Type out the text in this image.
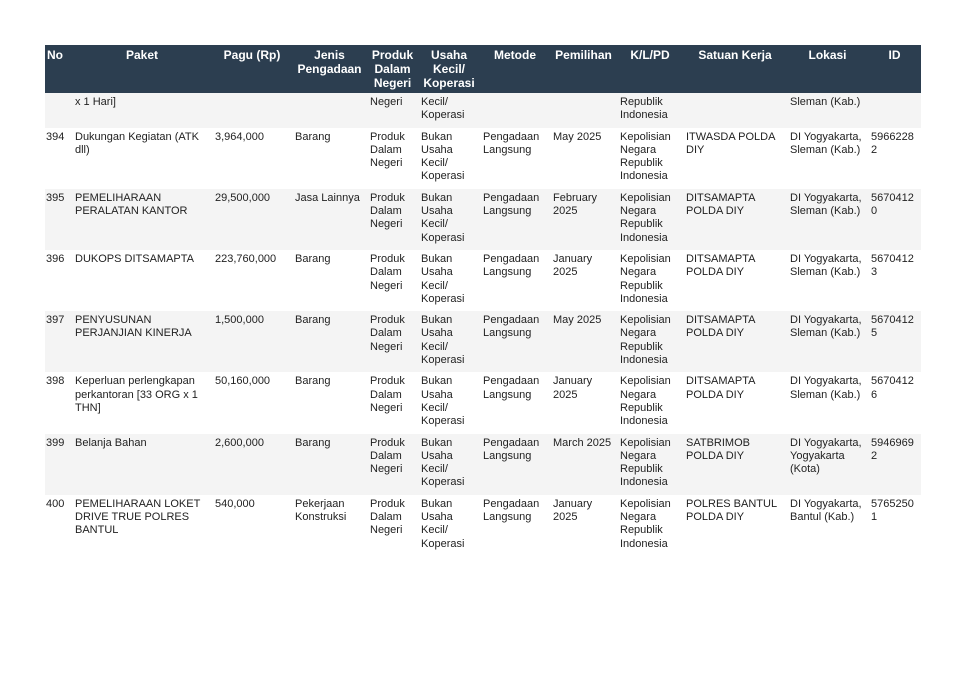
No	Paket	Pagu (Rp)	Jenis Pengadaan	Produk Dalam Negeri	Usaha Kecil/ Koperasi	Metode	Pemilihan	K/L/PD	Satuan Kerja	Lokasi	ID
	x 1 Hari]			Negeri	Kecil/ Koperasi			Republik Indonesia		Sleman (Kab.)	
394	Dukungan Kegiatan (ATK dll)	3,964,000	Barang	Produk Dalam Negeri	Bukan Usaha Kecil/ Koperasi	Pengadaan Langsung	May 2025	Kepolisian Negara Republik Indonesia	ITWASDA POLDA DIY	DI Yogyakarta, Sleman (Kab.)	59662282
395	PEMELIHARAAN PERALATAN KANTOR	29,500,000	Jasa Lainnya	Produk Dalam Negeri	Bukan Usaha Kecil/ Koperasi	Pengadaan Langsung	February 2025	Kepolisian Negara Republik Indonesia	DITSAMAPTA POLDA DIY	DI Yogyakarta, Sleman (Kab.)	56704120
396	DUKOPS DITSAMAPTA	223,760,000	Barang	Produk Dalam Negeri	Bukan Usaha Kecil/ Koperasi	Pengadaan Langsung	January 2025	Kepolisian Negara Republik Indonesia	DITSAMAPTA POLDA DIY	DI Yogyakarta, Sleman (Kab.)	56704123
397	PENYUSUNAN PERJANJIAN KINERJA	1,500,000	Barang	Produk Dalam Negeri	Bukan Usaha Kecil/ Koperasi	Pengadaan Langsung	May 2025	Kepolisian Negara Republik Indonesia	DITSAMAPTA POLDA DIY	DI Yogyakarta, Sleman (Kab.)	56704125
398	Keperluan perlengkapan perkantoran [33 ORG x 1 THN]	50,160,000	Barang	Produk Dalam Negeri	Bukan Usaha Kecil/ Koperasi	Pengadaan Langsung	January 2025	Kepolisian Negara Republik Indonesia	DITSAMAPTA POLDA DIY	DI Yogyakarta, Sleman (Kab.)	56704126
399	Belanja Bahan	2,600,000	Barang	Produk Dalam Negeri	Bukan Usaha Kecil/ Koperasi	Pengadaan Langsung	March 2025	Kepolisian Negara Republik Indonesia	SATBRIMOB POLDA DIY	DI Yogyakarta, Yogyakarta (Kota)	59469692
400	PEMELIHARAAN LOKET DRIVE TRUE POLRES BANTUL	540,000	Pekerjaan Konstruksi	Produk Dalam Negeri	Bukan Usaha Kecil/ Koperasi	Pengadaan Langsung	January 2025	Kepolisian Negara Republik Indonesia	POLRES BANTUL POLDA DIY	DI Yogyakarta, Bantul (Kab.)	57652501
